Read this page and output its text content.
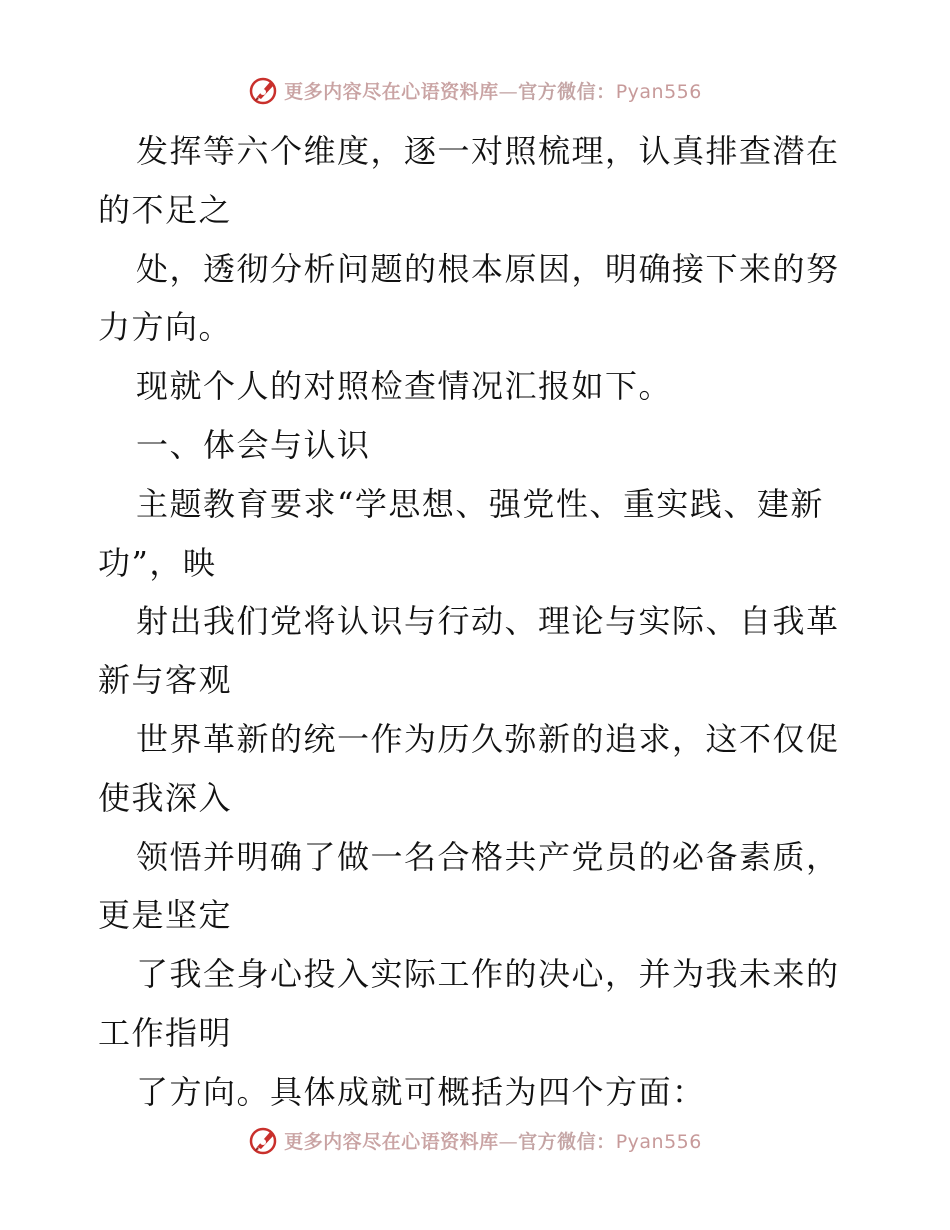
更多内容尽在心语资料库—官方微信：Pyan556
发挥等六个维度，逐一对照梳理，认真排查潜在
的不足之
处，透彻分析问题的根本原因，明确接下来的努
力方向。
现就个人的对照检查情况汇报如下。
一、体会与认识
主题教育要求“学思想、强党性、重实践、建新
功”，映
射出我们党将认识与行动、理论与实际、自我革
新与客观
世界革新的统一作为历久弥新的追求，这不仅促
使我深入
领悟并明确了做一名合格共产党员的必备素质，
更是坚定
了我全身心投入实际工作的决心，并为我未来的
工作指明
了方向。具体成就可概括为四个方面：
更多内容尽在心语资料库—官方微信：Pyan556
